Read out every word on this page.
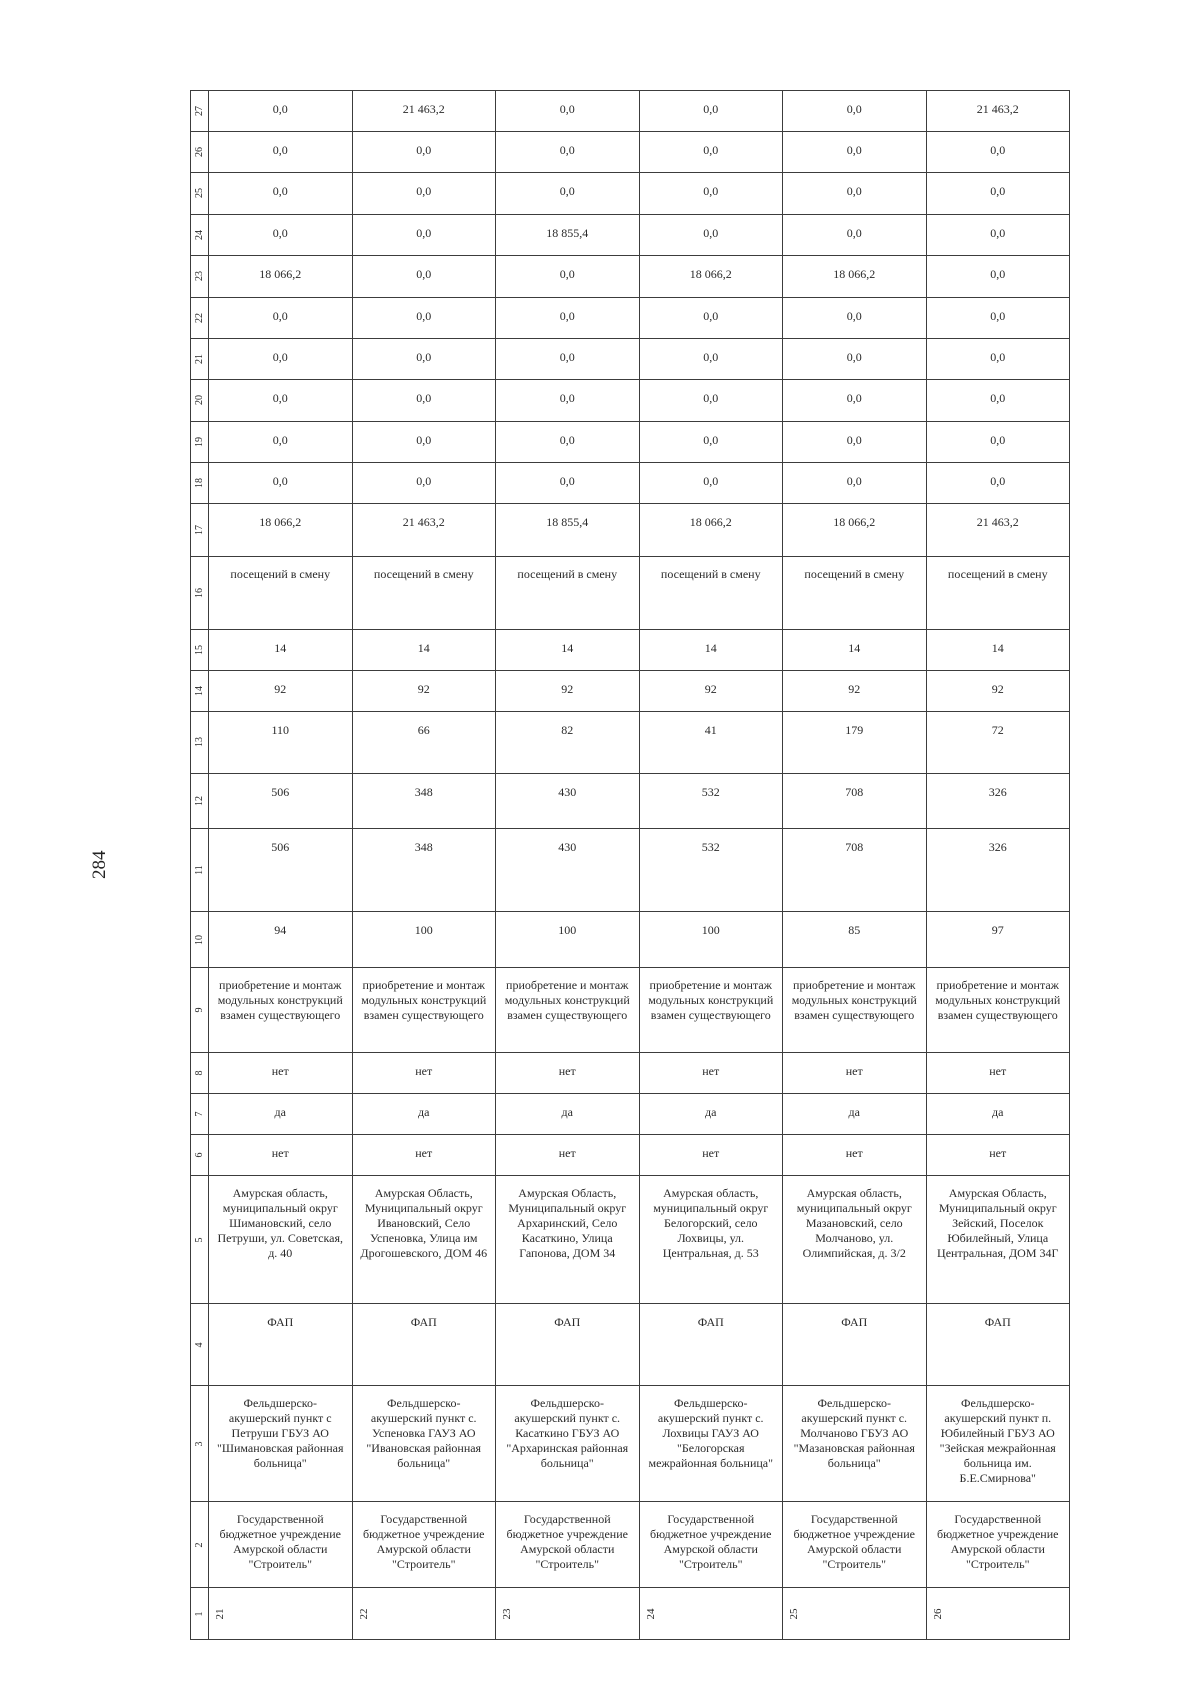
284
27	0,0	21 463,2	0,0	0,0	0,0	21 463,2

26	0,0	0,0	0,0	0,0	0,0	0,0

25	0,0	0,0	0,0	0,0	0,0	0,0

24	0,0	0,0	18 855,4	0,0	0,0	0,0

23	18 066,2	0,0	0,0	18 066,2	18 066,2	0,0

22	0,0	0,0	0,0	0,0	0,0	0,0

21	0,0	0,0	0,0	0,0	0,0	0,0

20	0,0	0,0	0,0	0,0	0,0	0,0

19	0,0	0,0	0,0	0,0	0,0	0,0

18	0,0	0,0	0,0	0,0	0,0	0,0

17	18 066,2	21 463,2	18 855,4	18 066,2	18 066,2	21 463,2

16	посещений в смену	посещений в смену	посещений в смену	посещений в смену	посещений в смену	посещений в смену

15	14	14	14	14	14	14

14	92	92	92	92	92	92

13	110	66	82	41	179	72

12	506	348	430	532	708	326

11	506	348	430	532	708	326

10	94	100	100	100	85	97

9	приобретение и монтаж модульных конструкций взамен существующего	приобретение и монтаж модульных конструкций взамен существующего	приобретение и монтаж модульных конструкций взамен существующего	приобретение и монтаж модульных конструкций взамен существующего	приобретение и монтаж модульных конструкций взамен существующего	приобретение и монтаж модульных конструкций взамен существующего

8	нет	нет	нет	нет	нет	нет

7	да	да	да	да	да	да

6	нет	нет	нет	нет	нет	нет

5	Амурская область, муниципальный округ Шимановский, село Петруши, ул. Советская, д. 40	Амурская Область, Муниципальный округ Ивановский, Село Успеновка, Улица им Дрогошевского, ДОМ 46	Амурская Область, Муниципальный округ Архаринский, Село Касаткино, Улица Гапонова, ДОМ 34	Амурская область, муниципальный округ Белогорский, село Лохвицы, ул. Центральная, д. 53	Амурская область, муниципальный округ Мазановский, село Молчаново, ул. Олимпийская, д. 3/2	Амурская Область, Муниципальный округ Зейский, Поселок Юбилейный, Улица Центральная, ДОМ 34Г

4	ФАП	ФАП	ФАП	ФАП	ФАП	ФАП

3	Фельдшерско-акушерский пункт с Петруши ГБУЗ АО "Шимановская районная больница"	Фельдшерско-акушерский пункт с. Успеновка ГАУЗ АО "Ивановская районная больница"	Фельдшерско-акушерский пункт с. Касаткино ГБУЗ АО "Архаринская районная больница"	Фельдшерско-акушерский пункт с. Лохвицы ГАУЗ АО "Белогорская межрайонная больница"	Фельдшерско-акушерский пункт с. Молчаново ГБУЗ АО "Мазановская районная больница"	Фельдшерско-акушерский пункт п. Юбилейный ГБУЗ АО "Зейская межрайонная больница им. Б.Е.Смирнова"

2	Государственной бюджетное учреждение Амурской области "Строитель"	Государственной бюджетное учреждение Амурской области "Строитель"	Государственной бюджетное учреждение Амурской области "Строитель"	Государственной бюджетное учреждение Амурской области "Строитель"	Государственной бюджетное учреждение Амурской области "Строитель"	Государственной бюджетное учреждение Амурской области "Строитель"

1	21	22	23	24	25	26
